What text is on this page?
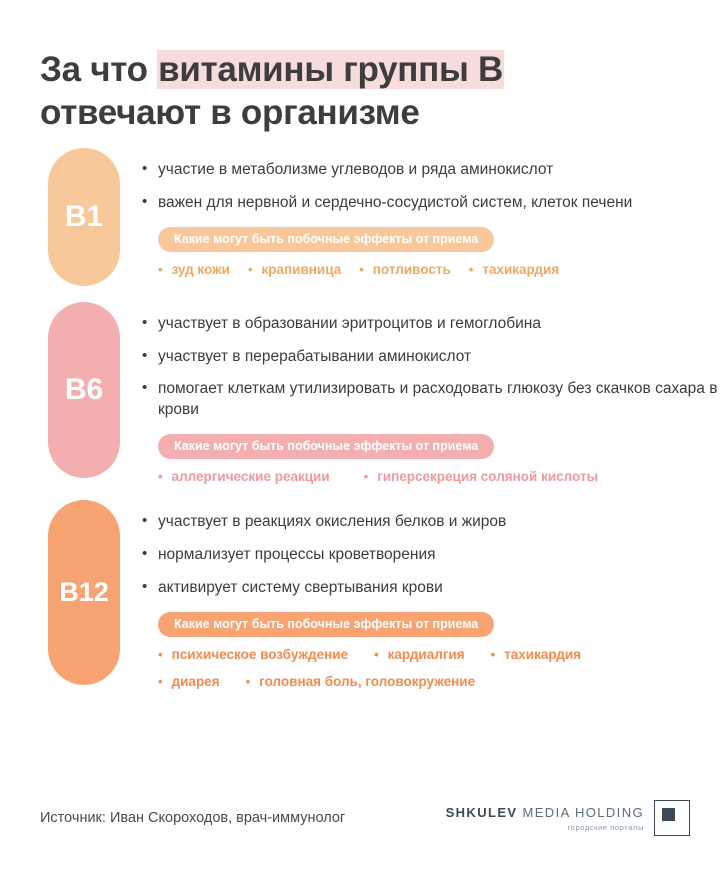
За что витамины группы В
отвечают в организме
B1
• участие в метаболизме углеводов и ряда аминокислот
• важен для нервной и сердечно-сосудистой систем, клеток печени
Какие могут быть побочные эффекты от приема
• зуд кожи • крапивница • потливость • тахикардия
B6
• участвует в образовании эритроцитов и гемоглобина
• участвует в перерабатывании аминокислот
• помогает клеткам утилизировать и расходовать глюкозу без скачков сахара в крови
Какие могут быть побочные эффекты от приема
• аллергические реакции	• гиперсекреция соляной кислоты
B12
• участвует в реакциях окисления белков и жиров
• нормализует процессы кроветворения
• активирует систему свертывания крови
Какие могут быть побочные эффекты от приема
• психическое возбуждение • кардиалгия • тахикардия
• диарея • головная боль, головокружение
Источник: Иван Скороходов, врач-иммунолог	SHKULEV MEDIA HOLDING
городские порталы
